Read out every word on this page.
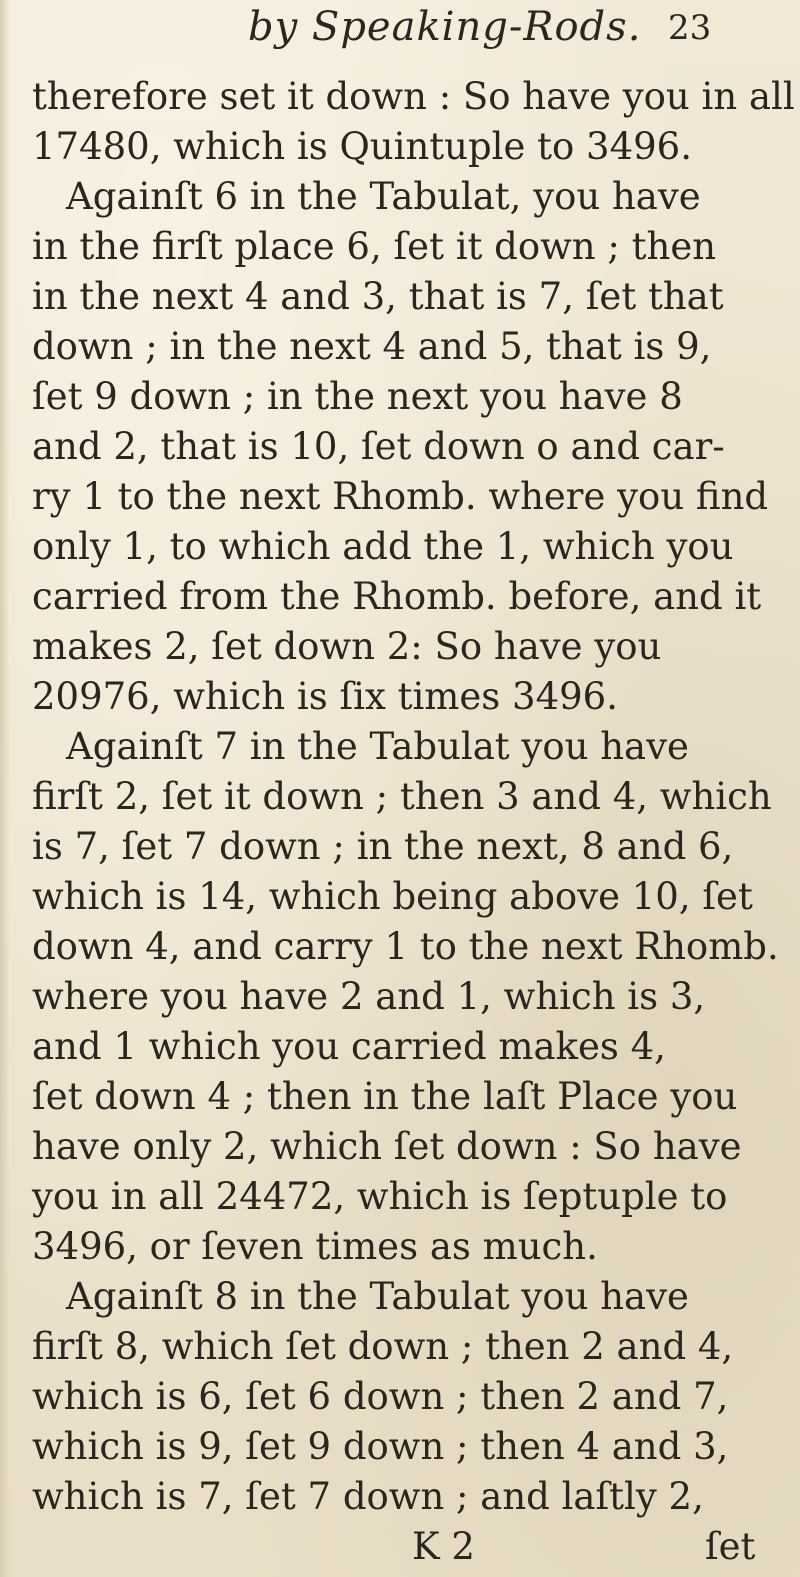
by Speaking-Rods. 23
therefore set it down : So have you in all
17480, which is Quintuple to 3496.
Againſt 6 in the Tabulat, you have
in the firſt place 6, ſet it down ; then
in the next 4 and 3, that is 7, ſet that
down ; in the next 4 and 5, that is 9,
ſet 9 down ; in the next you have 8
and 2, that is 10, ſet down o and car-
ry 1 to the next Rhomb. where you find
only 1, to which add the 1, which you
carried from the Rhomb. before, and it
makes 2, ſet down 2: So have you
20976, which is ſix times 3496.
Againſt 7 in the Tabulat you have
firſt 2, ſet it down ; then 3 and 4, which
is 7, ſet 7 down ; in the next, 8 and 6,
which is 14, which being above 10, ſet
down 4, and carry 1 to the next Rhomb.
where you have 2 and 1, which is 3,
and 1 which you carried makes 4,
ſet down 4 ; then in the laſt Place you
have only 2, which ſet down : So have
you in all 24472, which is ſeptuple to
3496, or ſeven times as much.
Againſt 8 in the Tabulat you have
firſt 8, which ſet down ; then 2 and 4,
which is 6, ſet 6 down ; then 2 and 7,
which is 9, ſet 9 down ; then 4 and 3,
which is 7, ſet 7 down ; and laſtly 2,
K 2	ſet
